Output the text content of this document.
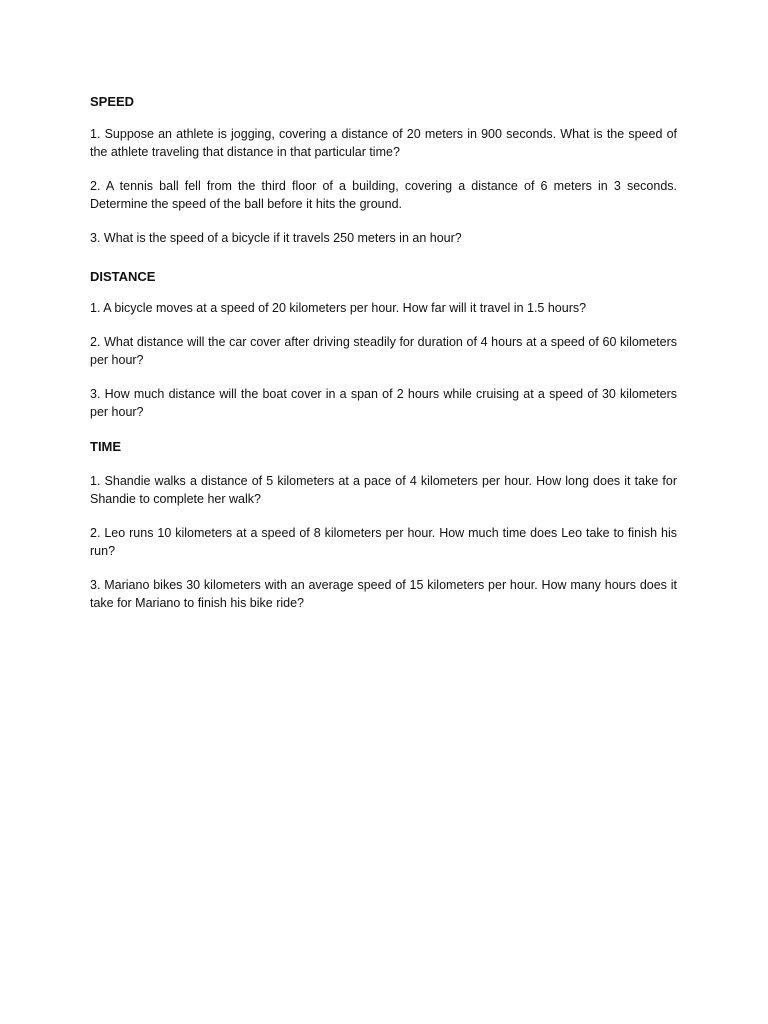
SPEED

1. Suppose an athlete is jogging, covering a distance of 20 meters in 900 seconds. What is the speed of the athlete traveling that distance in that particular time?

2. A tennis ball fell from the third floor of a building, covering a distance of 6 meters in 3 seconds. Determine the speed of the ball before it hits the ground.

3. What is the speed of a bicycle if it travels 250 meters in an hour?

DISTANCE

1. A bicycle moves at a speed of 20 kilometers per hour. How far will it travel in 1.5 hours?

2. What distance will the car cover after driving steadily for duration of 4 hours at a speed of 60 kilometers per hour?

3. How much distance will the boat cover in a span of 2 hours while cruising at a speed of 30 kilometers per hour?

TIME

1. Shandie walks a distance of 5 kilometers at a pace of 4 kilometers per hour. How long does it take for Shandie to complete her walk?

2. Leo runs 10 kilometers at a speed of 8 kilometers per hour. How much time does Leo take to finish his run?

3. Mariano bikes 30 kilometers with an average speed of 15 kilometers per hour. How many hours does it take for Mariano to finish his bike ride?
